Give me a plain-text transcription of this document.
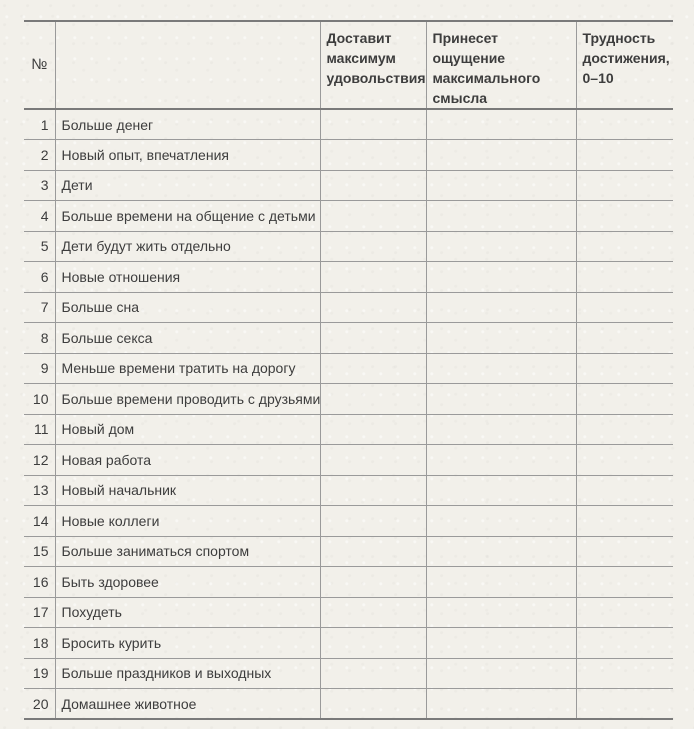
№		Доставит максимум удовольствия	Принесет ощущение максимального смысла	Трудность достижения, 0–10
1	Больше денег			
2	Новый опыт, впечатления			
3	Дети			
4	Больше времени на общение с детьми			
5	Дети будут жить отдельно			
6	Новые отношения			
7	Больше сна			
8	Больше секса			
9	Меньше времени тратить на дорогу			
10	Больше времени проводить с друзьями			
11	Новый дом			
12	Новая работа			
13	Новый начальник			
14	Новые коллеги			
15	Больше заниматься спортом			
16	Быть здоровее			
17	Похудеть			
18	Бросить курить			
19	Больше праздников и выходных			
20	Домашнее животное			
